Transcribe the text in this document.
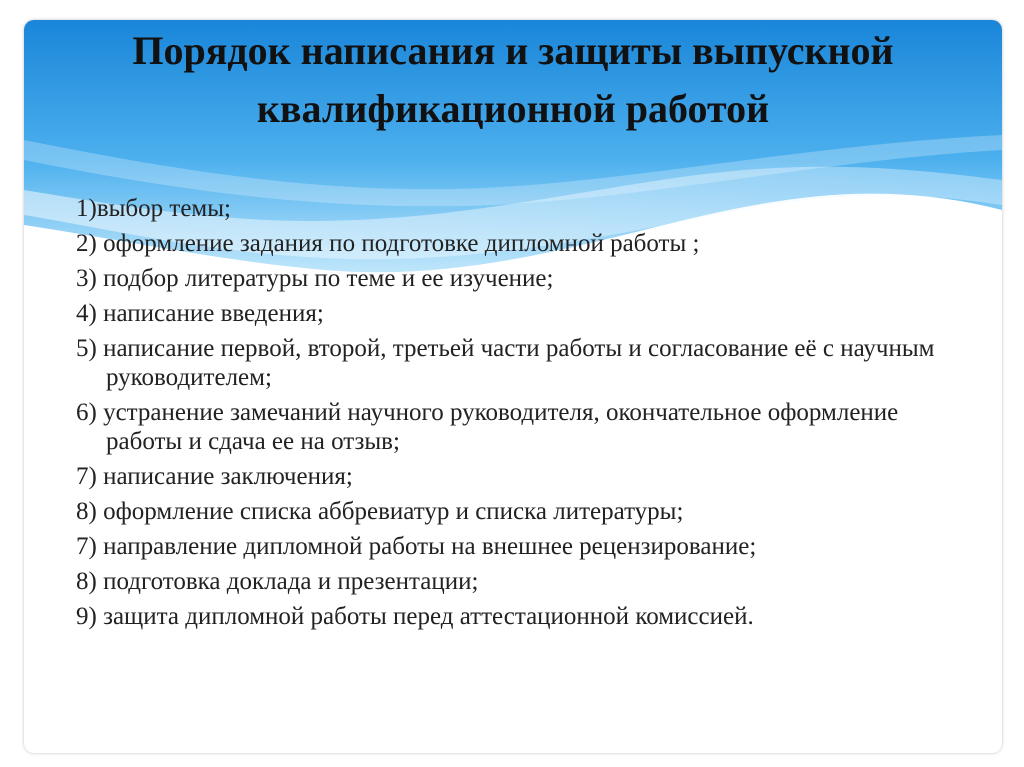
Порядок написания и защиты выпускной
квалификационной работой
1)выбор темы;
2) оформление задания по подготовке дипломной работы ;
3) подбор литературы по теме и ее изучение;
4) написание введения;
5) написание первой, второй, третьей части работы и согласование её с научным руководителем;
6) устранение замечаний научного руководителя, окончательное оформление работы и сдача ее на отзыв;
7) написание заключения;
8) оформление списка аббревиатур и списка литературы;
7) направление дипломной работы на внешнее рецензирование;
8) подготовка доклада и презентации;
9) защита дипломной работы перед аттестационной комиссией.
